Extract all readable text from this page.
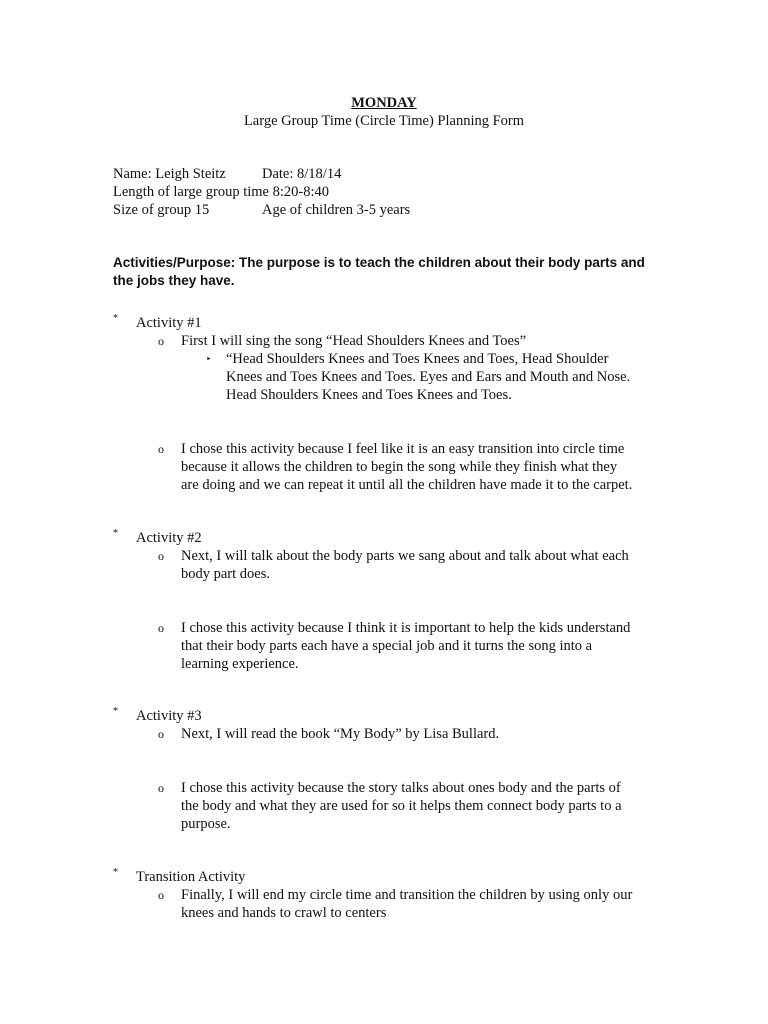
MONDAY
Large Group Time (Circle Time) Planning Form
Name: Leigh Steitz	Date: 8/18/14
Length of large group time 8:20-8:40
Size of group 15	Age of children 3-5 years
Activities/Purpose: The purpose is to teach the children about their body parts and
the jobs they have.
* Activity #1
o First I will sing the song “Head Shoulders Knees and Toes”
‣ “Head Shoulders Knees and Toes Knees and Toes, Head Shoulder
Knees and Toes Knees and Toes. Eyes and Ears and Mouth and Nose.
Head Shoulders Knees and Toes Knees and Toes.
o I chose this activity because I feel like it is an easy transition into circle time
because it allows the children to begin the song while they finish what they
are doing and we can repeat it until all the children have made it to the carpet.
* Activity #2
o Next, I will talk about the body parts we sang about and talk about what each
body part does.
o I chose this activity because I think it is important to help the kids understand
that their body parts each have a special job and it turns the song into a
learning experience.
* Activity #3
o Next, I will read the book “My Body” by Lisa Bullard.
o I chose this activity because the story talks about ones body and the parts of
the body and what they are used for so it helps them connect body parts to a
purpose.
* Transition Activity
o Finally, I will end my circle time and transition the children by using only our
knees and hands to crawl to centers
